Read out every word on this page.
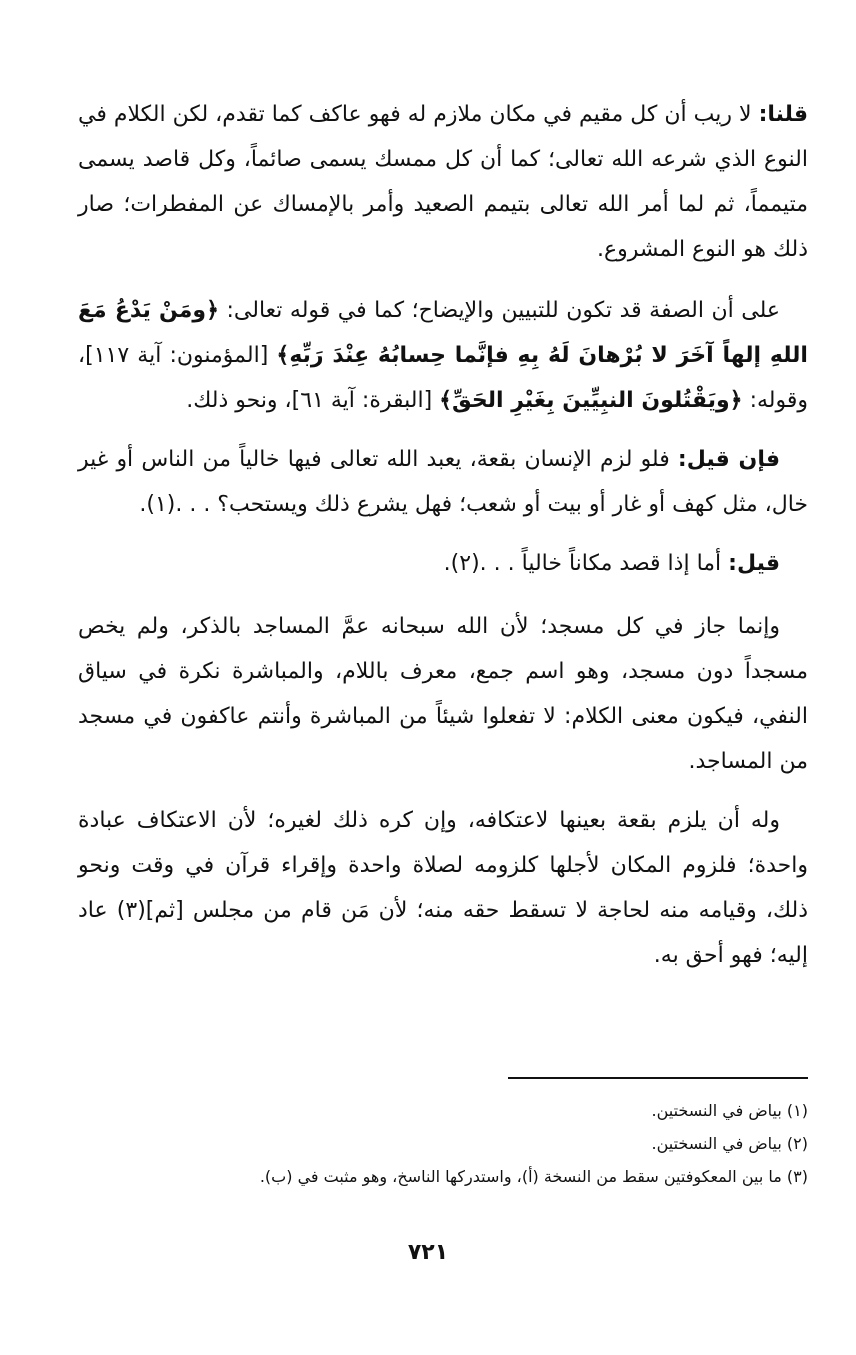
قلنا: لا ريب أن كل مقيم في مكان ملازم له فهو عاكف كما تقدم، لكن الكلام في النوع الذي شرعه الله تعالى؛ كما أن كل ممسك يسمى صائماً، وكل قاصد يسمى متيمماً، ثم لما أمر الله تعالى بتيمم الصعيد وأمر بالإمساك عن المفطرات؛ صار ذلك هو النوع المشروع.

على أن الصفة قد تكون للتبيين والإيضاح؛ كما في قوله تعالى: ﴿ومَنْ يَدْعُ مَعَ اللهِ إلهاً آخَرَ لا بُرْهانَ لَهُ بِهِ فإنَّما حِسابُهُ عِنْدَ رَبِّهِ﴾ [المؤمنون: آية ١١٧]، وقوله: ﴿ويَقْتُلونَ النبِيِّينَ بِغَيْرِ الحَقِّ﴾ [البقرة: آية ٦١]، ونحو ذلك.

فإن قيل: فلو لزم الإنسان بقعة، يعبد الله تعالى فيها خالياً من الناس أو غير خال، مثل كهف أو غار أو بيت أو شعب؛ فهل يشرع ذلك ويستحب؟ . . .(١).

قيل: أما إذا قصد مكاناً خالياً . . .(٢).

وإنما جاز في كل مسجد؛ لأن الله سبحانه عمَّ المساجد بالذكر، ولم يخص مسجداً دون مسجد، وهو اسم جمع، معرف باللام، والمباشرة نكرة في سياق النفي، فيكون معنى الكلام: لا تفعلوا شيئاً من المباشرة وأنتم عاكفون في مسجد من المساجد.

وله أن يلزم بقعة بعينها لاعتكافه، وإن كره ذلك لغيره؛ لأن الاعتكاف عبادة واحدة؛ فلزوم المكان لأجلها كلزومه لصلاة واحدة وإقراء قرآن في وقت ونحو ذلك، وقيامه منه لحاجة لا تسقط حقه منه؛ لأن مَن قام من مجلس [ثم](٣) عاد إليه؛ فهو أحق به.

(١) بياض في النسختين.

(٢) بياض في النسختين.

(٣) ما بين المعكوفتين سقط من النسخة (أ)، واستدركها الناسخ، وهو مثبت في (ب).

٧٢١
